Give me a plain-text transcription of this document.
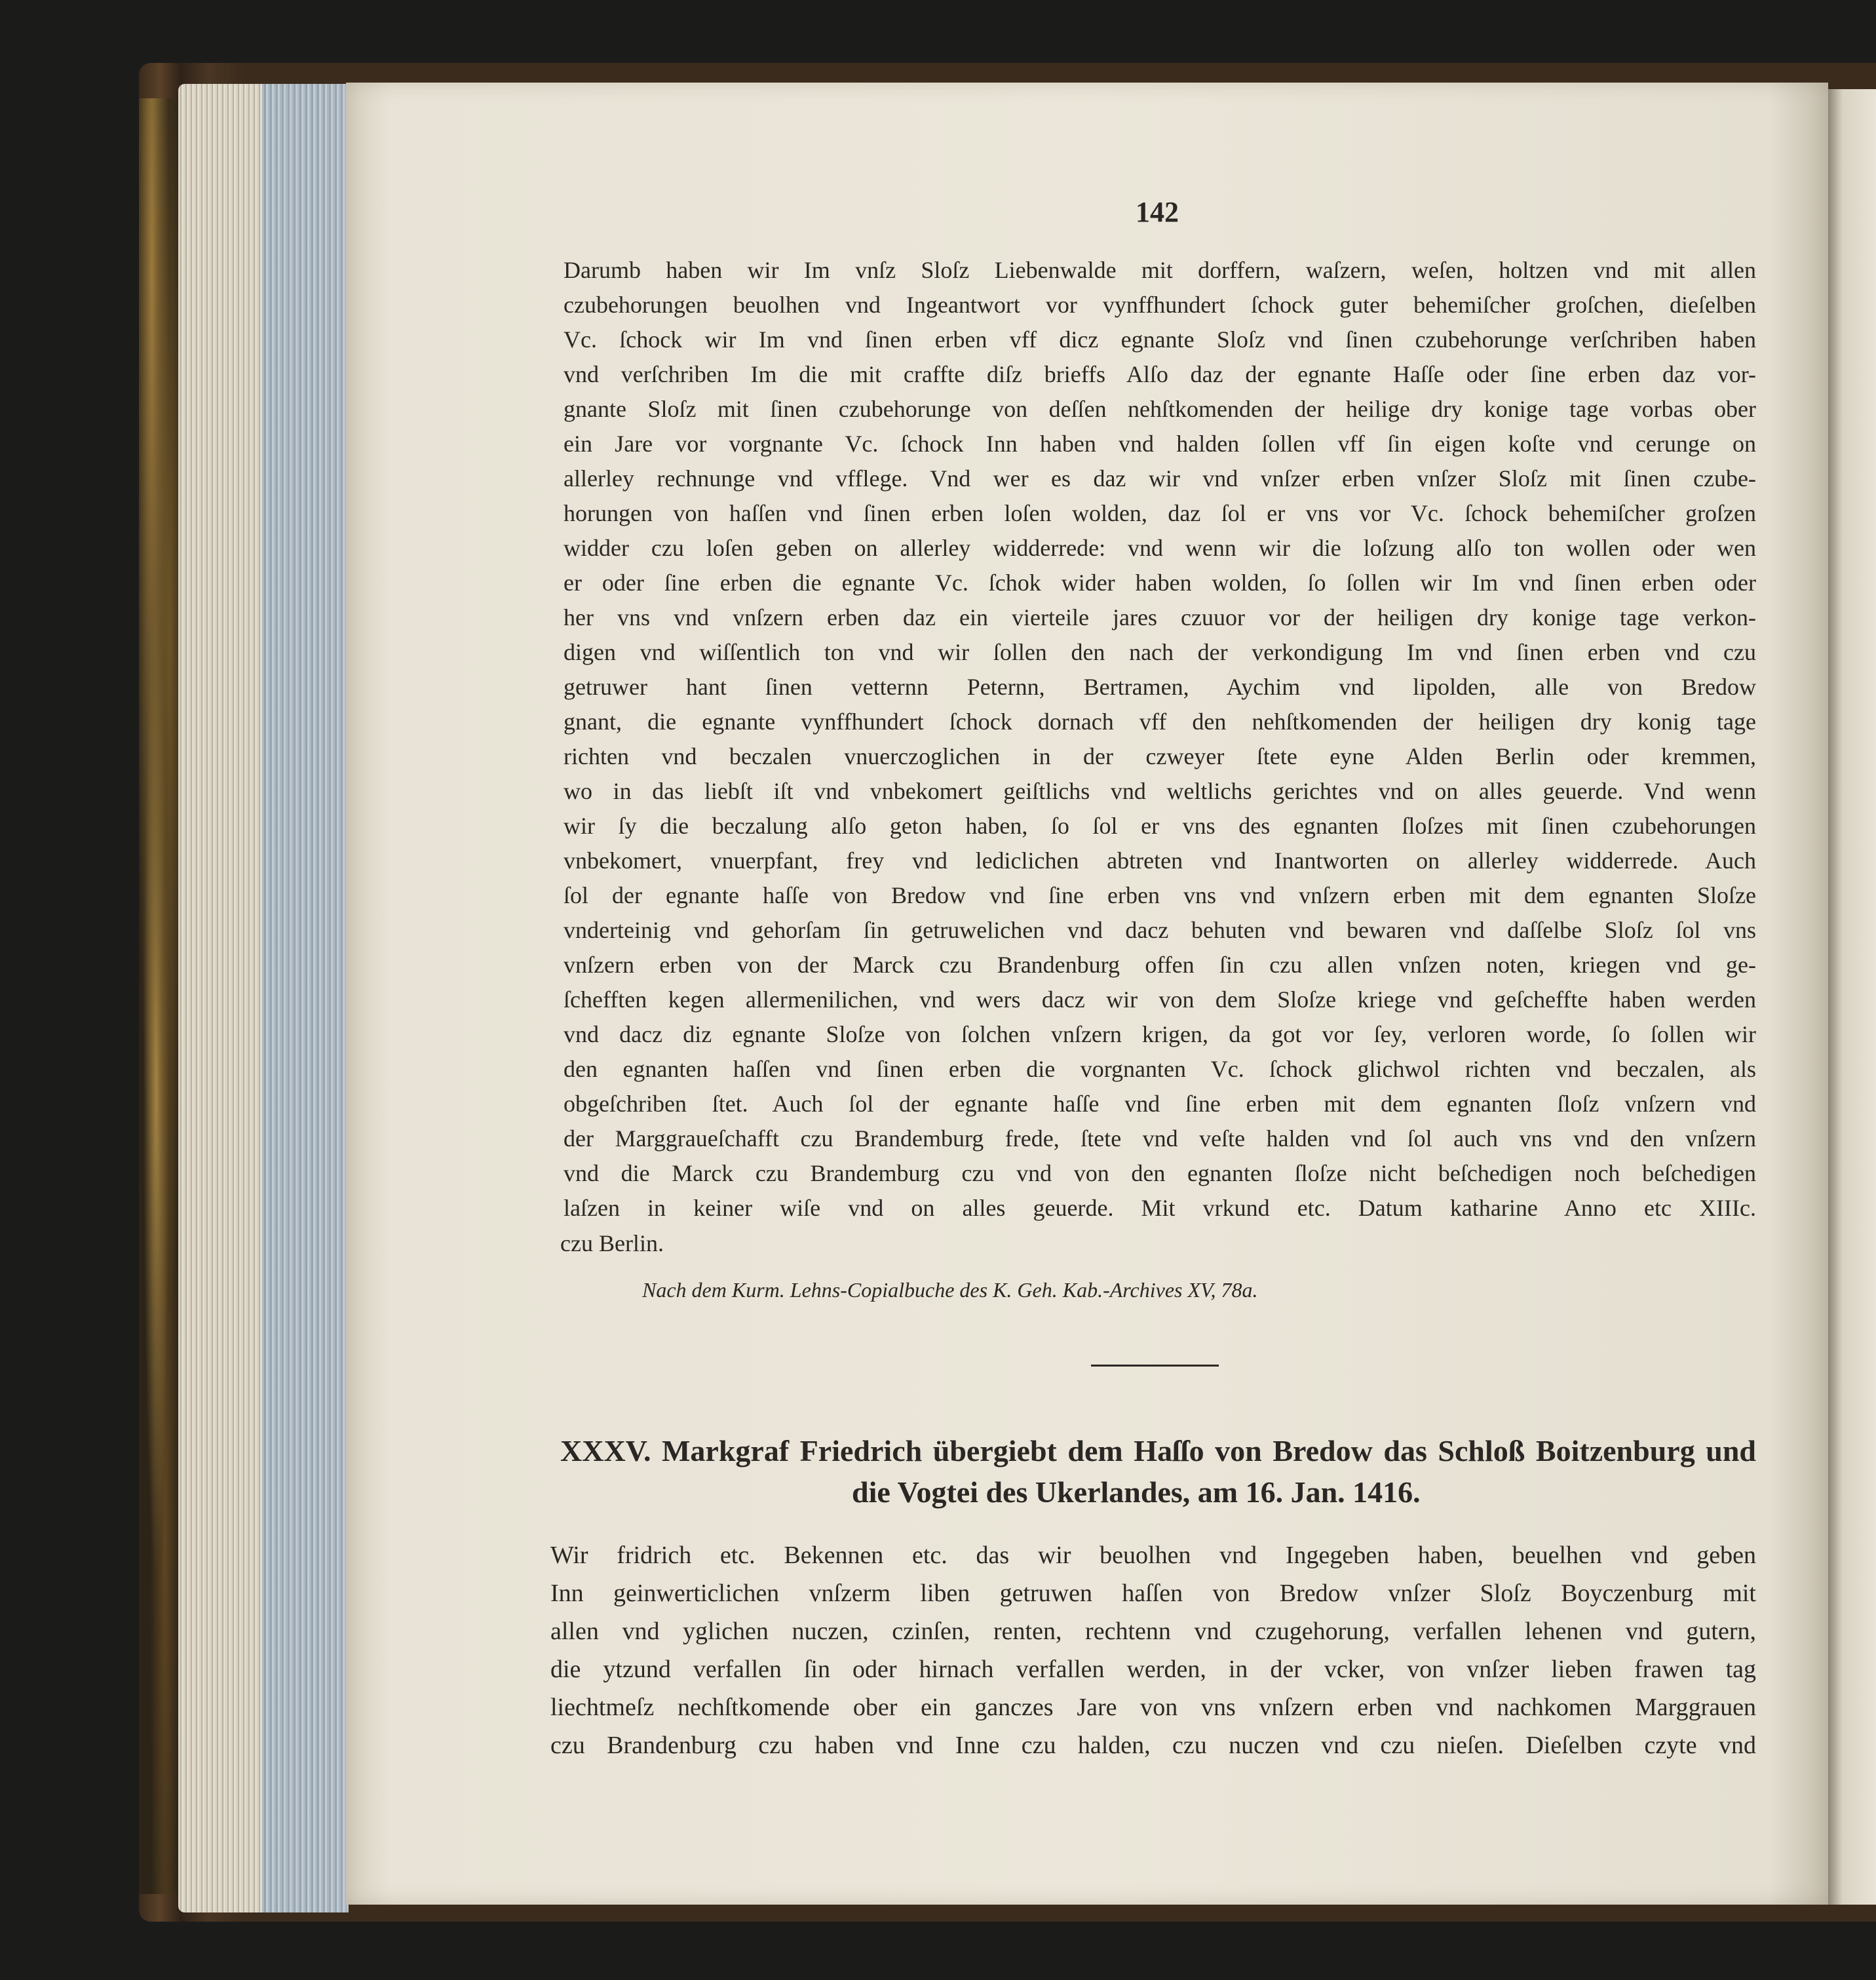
142
Darumb haben wir Im vnſz Sloſz Liebenwalde mit dorffern, waſzern, weſen, holtzen vnd mit allen
czubehorungen beuolhen vnd Ingeantwort vor vynffhundert ſchock guter behemiſcher groſchen, dieſelben
Vc. ſchock wir Im vnd ſinen erben vff dicz egnante Sloſz vnd ſinen czubehorunge verſchriben haben
vnd verſchriben Im die mit craffte diſz brieffs Alſo daz der egnante Haſſe oder ſine erben daz vor-
gnante Sloſz mit ſinen czubehorunge von deſſen nehſtkomenden der heilige dry konige tage vorbas ober
ein Jare vor vorgnante Vc. ſchock Inn haben vnd halden ſollen vff ſin eigen koſte vnd cerunge on
allerley rechnunge vnd vfflege. Vnd wer es daz wir vnd vnſzer erben vnſzer Sloſz mit ſinen czube-
horungen von haſſen vnd ſinen erben loſen wolden, daz ſol er vns vor Vc. ſchock behemiſcher groſzen
widder czu loſen geben on allerley widderrede: vnd wenn wir die loſzung alſo ton wollen oder wen
er oder ſine erben die egnante Vc. ſchok wider haben wolden, ſo ſollen wir Im vnd ſinen erben oder
her vns vnd vnſzern erben daz ein vierteile jares czuuor vor der heiligen dry konige tage verkon-
digen vnd wiſſentlich ton vnd wir ſollen den nach der verkondigung Im vnd ſinen erben vnd czu
getruwer hant ſinen vetternn Peternn, Bertramen, Aychim vnd lipolden, alle von Bredow
gnant, die egnante vynffhundert ſchock dornach vff den nehſtkomenden der heiligen dry konig tage
richten vnd beczalen vnuerczoglichen in der czweyer ſtete eyne Alden Berlin oder kremmen,
wo in das liebſt iſt vnd vnbekomert geiſtlichs vnd weltlichs gerichtes vnd on alles geuerde. Vnd wenn
wir ſy die beczalung alſo geton haben, ſo ſol er vns des egnanten ſloſzes mit ſinen czubehorungen
vnbekomert, vnuerpfant, frey vnd ledіclichen abtreten vnd Inantworten on allerley widderrede. Auch
ſol der egnante haſſe von Bredow vnd ſine erben vns vnd vnſzern erben mit dem egnanten Sloſze
vnderteinig vnd gehorſam ſin getruwelichen vnd dacz behuten vnd bewaren vnd daſſelbe Sloſz ſol vns
vnſzern erben von der Marck czu Brandenburg offen ſin czu allen vnſzen noten, kriegen vnd ge-
ſchefften kegen allermenilichen, vnd wers dacz wir von dem Sloſze kriege vnd geſcheffte haben werden
vnd dacz diz egnante Sloſze von ſolchen vnſzern krigen, da got vor ſey, verloren worde, ſo ſollen wir
den egnanten haſſen vnd ſinen erben die vorgnanten Vc. ſchock glichwol richten vnd beczalen, als
obgeſchriben ſtet. Auch ſol der egnante haſſe vnd ſine erben mit dem egnanten ſloſz vnſzern vnd
der Marggraueſchafft czu Brandemburg frede, ſtete vnd veſte halden vnd ſol auch vns vnd den vnſzern
vnd die Marck czu Brandemburg czu vnd von den egnanten ſloſze nicht beſchedigen noch beſchedigen
laſzen in keiner wiſe vnd on alles geuerde. Mit vrkund etc. Datum katharine Anno etc XIIIc.
czu Berlin.
Nach dem Kurm. Lehns-Copialbuche des K. Geh. Kab.-Archives XV, 78a.
XXXV. Markgraf Friedrich übergiebt dem Haſſo von Bredow das Schloß Boitzenburg und
die Vogtei des Ukerlandes, am 16. Jan. 1416.
Wir fridrich etc. Bekennen etc. das wir beuolhen vnd Ingegeben haben, beuelhen vnd geben
Inn geinwerticlichen vnſzerm liben getruwen haſſen von Bredow vnſzer Sloſz Boyczenburg mit
allen vnd yglichen nuczen, czinſen, renten, rechtenn vnd czugehorung, verfallen lehenen vnd gutern,
die ytzund verfallen ſin oder hirnach verfallen werden, in der vcker, von vnſzer lieben frawen tag
liechtmeſz nechſtkomende ober ein ganczes Jare von vns vnſzern erben vnd nachkomen Marggrauen
czu Brandenburg czu haben vnd Inne czu halden, czu nuczen vnd czu nieſen. Dieſelben czyte vnd
